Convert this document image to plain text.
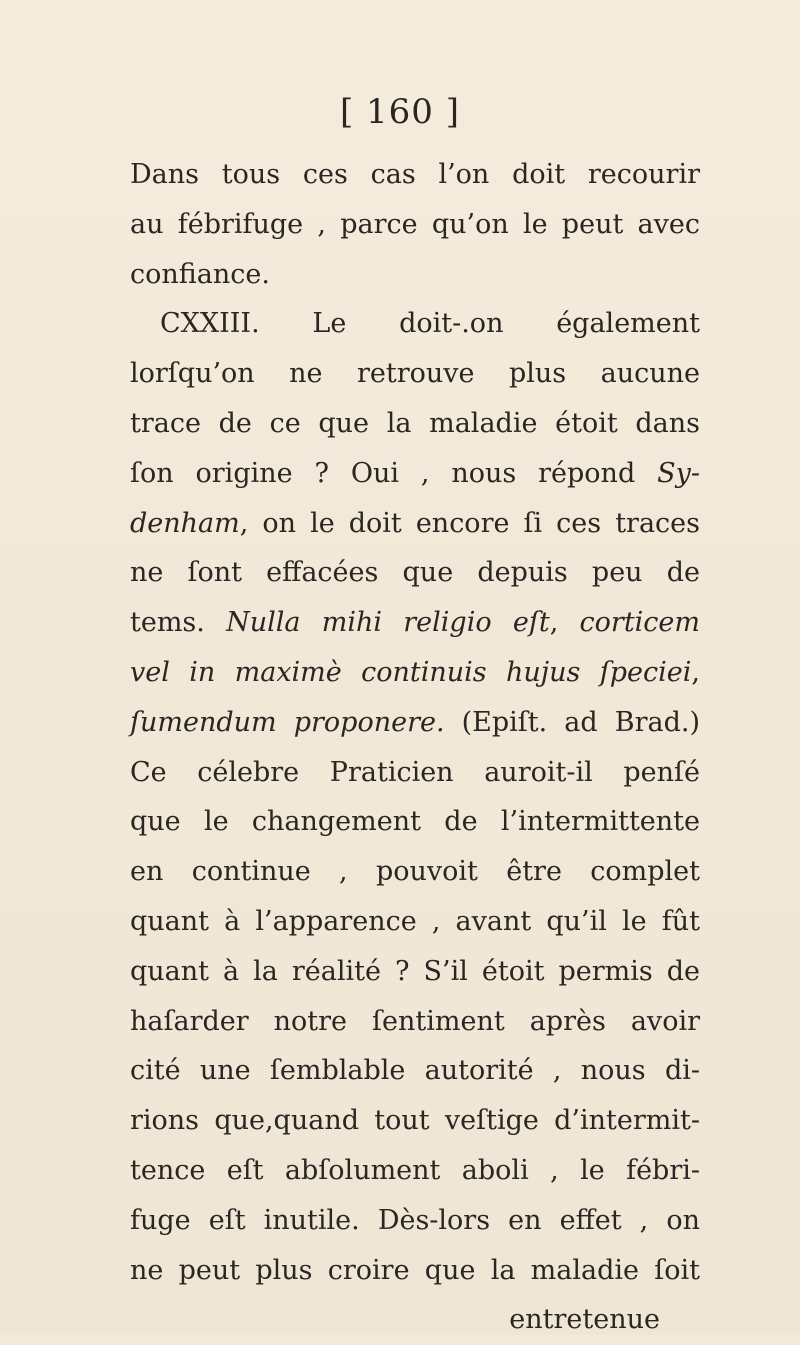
[ 160 ]
Dans tous ces cas l’on doit recourir
au fébrifuge , parce qu’on le peut avec
confiance.
CXXIII. Le doit-.on également
lorſqu’on ne retrouve plus aucune
trace de ce que la maladie étoit dans
ſon origine ? Oui , nous répond Sy-
denham, on le doit encore ſi ces traces
ne ſont effacées que depuis peu de
tems. Nulla mihi religio eſt, corticem
vel in maximè continuis hujus ſpeciei,
ſumendum proponere. (Epiſt. ad Brad.)
Ce célebre Praticien auroit-il penſé
que le changement de l’intermittente
en continue , pouvoit être complet
quant à l’apparence , avant qu’il le fût
quant à la réalité ? S’il étoit permis de
haſarder notre ſentiment après avoir
cité une ſemblable autorité , nous di-
rions que,quand tout veſtige d’intermit-
tence eſt abſolument aboli , le fébri-
fuge eſt inutile. Dès-lors en effet , on
ne peut plus croire que la maladie ſoit
entretenue
